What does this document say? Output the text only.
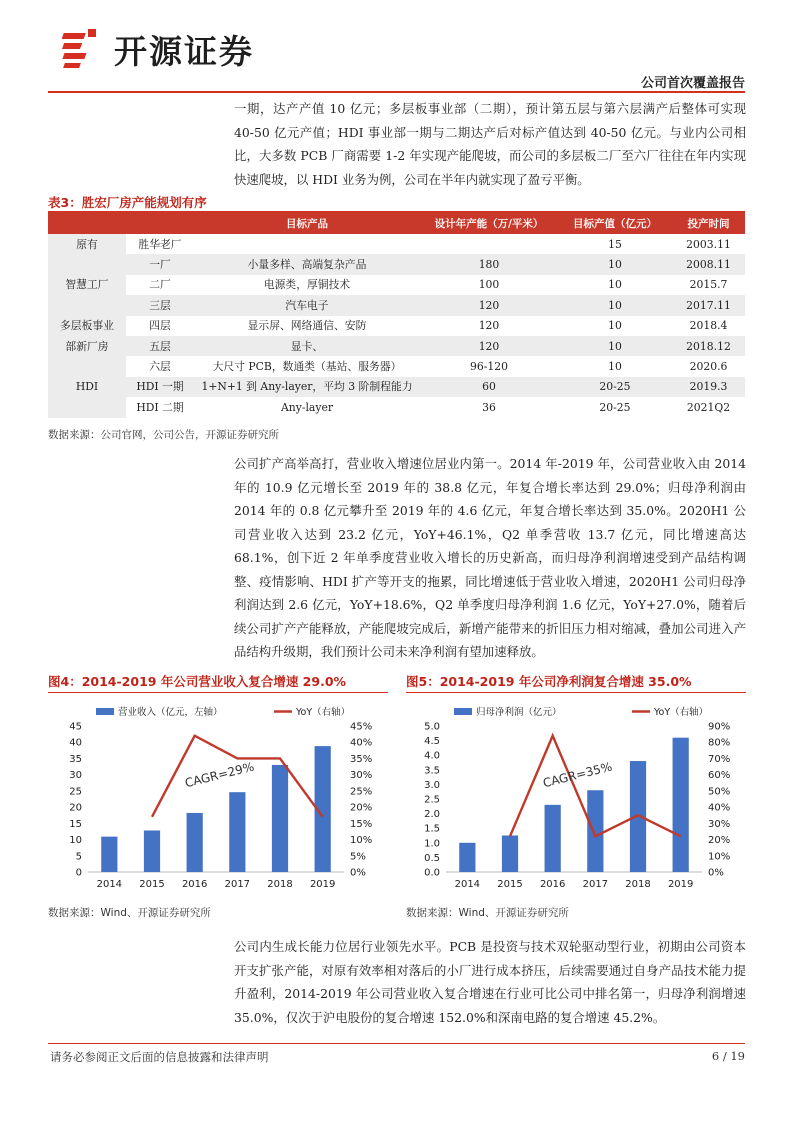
开源证券
公司首次覆盖报告

一期，达产产值 10 亿元；多层板事业部（二期），预计第五层与第六层满产后整体可实现 40-50 亿元产值；HDI 事业部一期与二期达产后对标产值达到 40-50 亿元。与业内公司相比，大多数 PCB 厂商需要 1-2 年实现产能爬坡，而公司的多层板二厂至六厂往往在年内实现快速爬坡，以 HDI 业务为例，公司在半年内就实现了盈亏平衡。

表3：胜宏厂房产能规划有序
		目标产品	设计年产能（万/平米）	目标产值（亿元）	投产时间
原有	胜华老厂			15	2003.11
	一厂	小量多样、高端复杂产品	180	10	2008.11
智慧工厂	二厂	电源类，厚铜技术	100	10	2015.7
	三层	汽车电子	120	10	2017.11
多层板事业	四层	显示屏、网络通信、安防	120	10	2018.4
部新厂房	五层	显卡、	120	10	2018.12
	六层	大尺寸 PCB，数通类（基站、服务器）	96-120	10	2020.6
HDI	HDI 一期	1+N+1 到 Any-layer，平均 3 阶制程能力	60	20-25	2019.3
	HDI 二期	Any-layer	36	20-25	2021Q2
数据来源：公司官网，公司公告，开源证券研究所

公司扩产高举高打，营业收入增速位居业内第一。2014 年-2019 年，公司营业收入由 2014 年的 10.9 亿元增长至 2019 年的 38.8 亿元，年复合增长率达到 29.0%；归母净利润由 2014 年的 0.8 亿元攀升至 2019 年的 4.6 亿元，年复合增长率达到 35.0%。2020H1 公司营业收入达到 23.2 亿元，YoY+46.1%，Q2 单季营收 13.7 亿元，同比增速高达 68.1%，创下近 2 年单季度营业收入增长的历史新高，而归母净利润增速受到产品结构调整、疫情影响、HDI 扩产等开支的拖累，同比增速低于营业收入增速，2020H1 公司归母净利润达到 2.6 亿元，YoY+18.6%，Q2 单季度归母净利润 1.6 亿元，YoY+27.0%，随着后续公司扩产产能释放，产能爬坡完成后，新增产能带来的折旧压力相对缩减，叠加公司进入产品结构升级期，我们预计公司未来净利润有望加速释放。

图4：2014-2019 年公司营业收入复合增速 29.0%	图5：2014-2019 年公司净利润复合增速 35.0%
0
5
10
15
20
25
30
35
40
45
0%
5%
10%
15%
20%
25%
30%
35%
40%
45%
2014 2015 2016 2017 2018 2019
营业收入（亿元，左轴）	YoY（右轴）
CAGR=29%
0.0
0.5
1.0
1.5
2.0
2.5
3.0
3.5
4.0
4.5
5.0
0%
10%
20%
30%
40%
50%
60%
70%
80%
90%
2014 2015 2016 2017 2018 2019
归母净利润（亿元）	YoY（右轴）
CAGR=35%
数据来源：Wind、开源证券研究所	数据来源：Wind、开源证券研究所

公司内生成长能力位居行业领先水平。PCB 是投资与技术双轮驱动型行业，初期由公司资本开支扩张产能，对原有效率相对落后的小厂进行成本挤压，后续需要通过自身产品技术能力提升盈利，2014-2019 年公司营业收入复合增速在行业可比公司中排名第一，归母净利润增速 35.0%，仅次于沪电股份的复合增速 152.0%和深南电路的复合增速 45.2%。

请务必参阅正文后面的信息披露和法律声明	6 / 19
